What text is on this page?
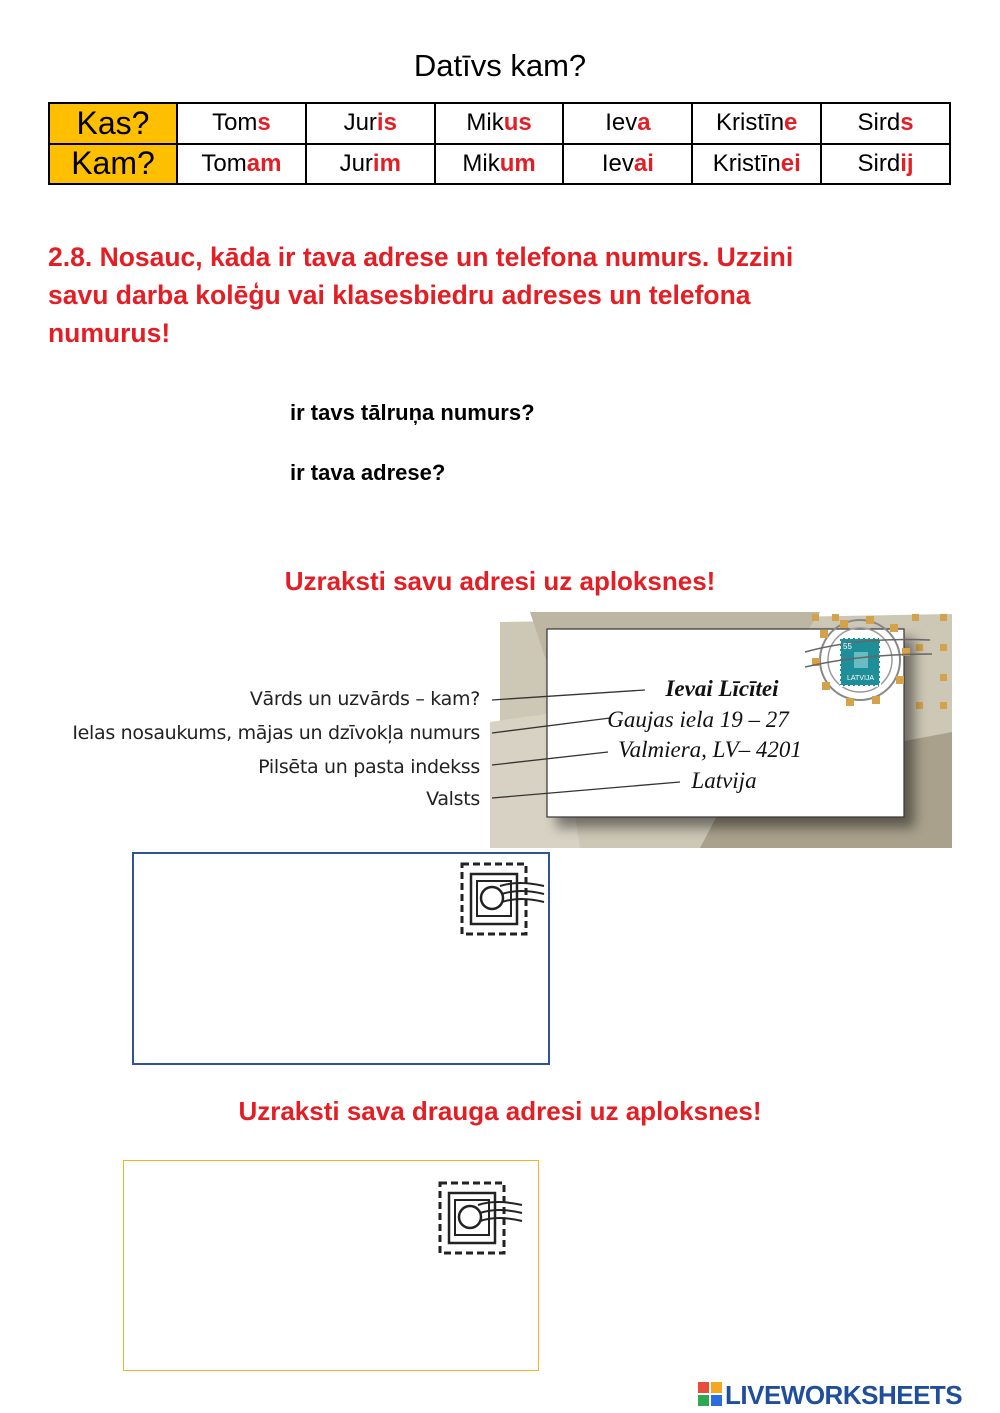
Datīvs kam?
Kas?	Toms	Juris	Mikus	Ieva	Kristīne	Sirds
Kam?	Tomam	Jurim	Mikum	Ievai	Kristīnei	Sirdij
2.8. Nosauc, kāda ir tava adrese un telefona numurs. Uzzini
savu darba kolēģu vai klasesbiedru adreses un telefona
numurus!
ir tavs tālruņa numurs?
ir tava adrese?
Uzraksti savu adresi uz aploksnes!
55
LATVIJA
Vārds un uzvārds – kam?
Ielas nosaukums, mājas un dzīvokļa numurs
Pilsēta un pasta indekss
Valsts
Ievai Līcītei
Gaujas iela 19 – 27
Valmiera, LV– 4201
Latvija
Uzraksti sava drauga adresi uz aploksnes!
LIVEWORKSHEETS
